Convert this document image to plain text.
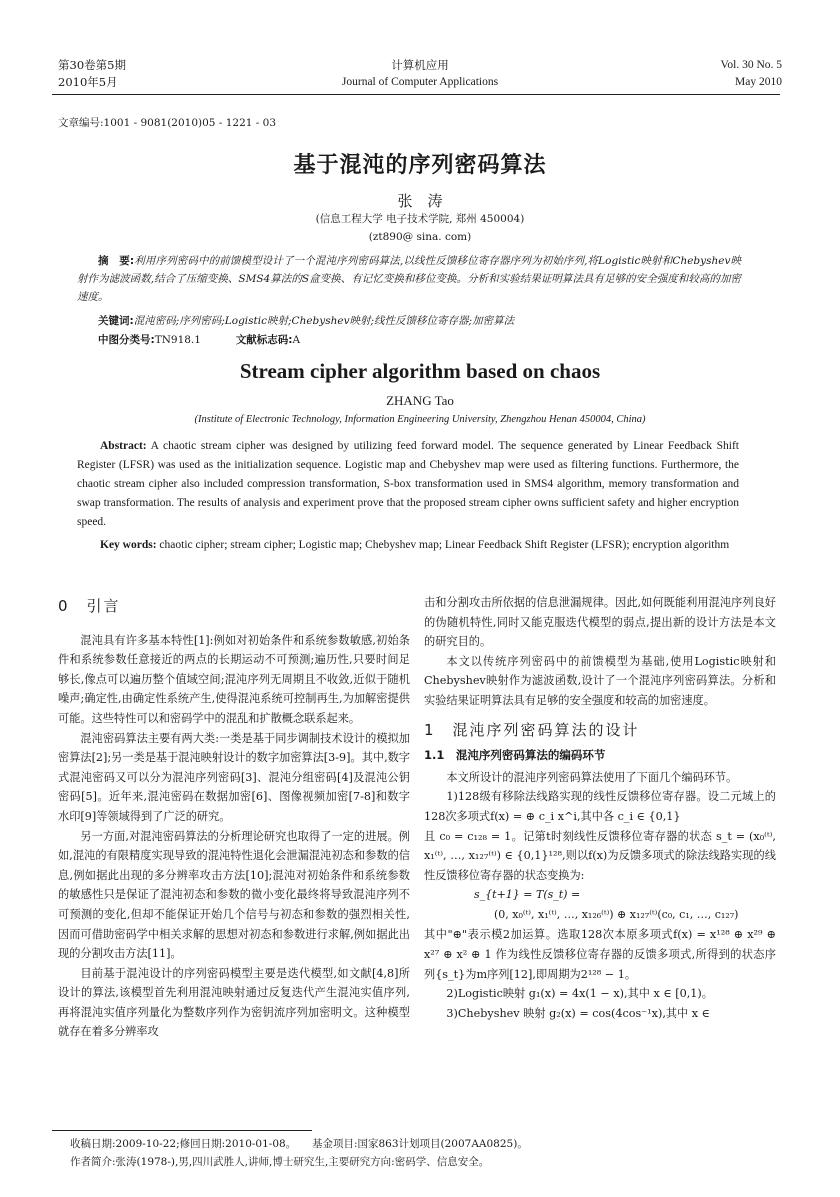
第30卷第5期
2010年5月
计算机应用
Journal of Computer Applications
Vol. 30 No. 5
May 2010
文章编号:1001 - 9081(2010)05 - 1221 - 03
基于混沌的序列密码算法
张　涛
(信息工程大学 电子技术学院, 郑州 450004)
(zt890@ sina. com)
摘　要:利用序列密码中的前馈模型设计了一个混沌序列密码算法,以线性反馈移位寄存器序列为初始序列,将Logistic映射和Chebyshev映射作为滤波函数,结合了压缩变换、SMS4算法的S盒变换、有记忆变换和移位变换。分析和实验结果证明算法具有足够的安全强度和较高的加密速度。
关键词:混沌密码;序列密码;Logistic映射;Chebyshev映射;线性反馈移位寄存器;加密算法
中图分类号:TN918.1	文献标志码:A
Stream cipher algorithm based on chaos
ZHANG Tao
(Institute of Electronic Technology, Information Engineering University, Zhengzhou Henan 450004, China)
Abstract: A chaotic stream cipher was designed by utilizing feed forward model. The sequence generated by Linear Feedback Shift Register (LFSR) was used as the initialization sequence. Logistic map and Chebyshev map were used as filtering functions. Furthermore, the chaotic stream cipher also included compression transformation, S-box transformation used in SMS4 algorithm, memory transformation and swap transformation. The results of analysis and experiment prove that the proposed stream cipher owns sufficient safety and higher encryption speed.
Key words: chaotic cipher; stream cipher; Logistic map; Chebyshev map; Linear Feedback Shift Register (LFSR); encryption algorithm
0　引言

混沌具有许多基本特性[1]:例如对初始条件和系统参数敏感,初始条件和系统参数任意接近的两点的长期运动不可预测;遍历性,只要时间足够长,像点可以遍历整个值域空间;混沌序列无周期且不收敛,近似于随机噪声;确定性,由确定性系统产生,使得混沌系统可控制再生,为加解密提供可能。这些特性可以和密码学中的混乱和扩散概念联系起来。

混沌密码算法主要有两大类:一类是基于同步调制技术设计的模拟加密算法[2];另一类是基于混沌映射设计的数字加密算法[3-9]。其中,数字式混沌密码又可以分为混沌序列密码[3]、混沌分组密码[4]及混沌公钥密码[5]。近年来,混沌密码在数据加密[6]、图像视频加密[7-8]和数字水印[9]等领域得到了广泛的研究。

另一方面,对混沌密码算法的分析理论研究也取得了一定的进展。例如,混沌的有限精度实现导致的混沌特性退化会泄漏混沌初态和参数的信息,例如据此出现的多分辨率攻击方法[10];混沌对初始条件和系统参数的敏感性只是保证了混沌初态和参数的微小变化最终将导致混沌序列不可预测的变化,但却不能保证开始几个信号与初态和参数的强烈相关性,因而可借助密码学中相关求解的思想对初态和参数进行求解,例如据此出现的分割攻击方法[11]。

目前基于混沌设计的序列密码模型主要是迭代模型,如文献[4,8]所设计的算法,该模型首先利用混沌映射通过反复迭代产生混沌实值序列,再将混沌实值序列量化为整数序列作为密钥流序列加密明文。这种模型就存在着多分辨率攻

击和分割攻击所依据的信息泄漏规律。因此,如何既能利用混沌序列良好的伪随机特性,同时又能克服迭代模型的弱点,提出新的设计方法是本文的研究目的。

本文以传统序列密码中的前馈模型为基础,使用Logistic映射和Chebyshev映射作为滤波函数,设计了一个混沌序列密码算法。分析和实验结果证明算法具有足够的安全强度和较高的加密速度。

1　混沌序列密码算法的设计
1.1　混沌序列密码算法的编码环节

本文所设计的混沌序列密码算法使用了下面几个编码环节。

1)128级有移除法线路实现的线性反馈移位寄存器。设二元域上的128次多项式f(x) = ⊕ c_i x^i,其中各 c_i ∈ {0,1}

且 c₀ = c₁₂₈ = 1。记第t时刻线性反馈移位寄存器的状态 s_t = (x₀⁽ᵗ⁾, x₁⁽ᵗ⁾, …, x₁₂₇⁽ᵗ⁾) ∈ {0,1}¹²⁸,则以f(x)为反馈多项式的除法线路实现的线性反馈移位寄存器的状态变换为:

s_{t+1} = T(s_t) =
(0, x₀⁽ᵗ⁾, x₁⁽ᵗ⁾, …, x₁₂₆⁽ᵗ⁾) ⊕ x₁₂₇⁽ᵗ⁾(c₀, c₁, …, c₁₂₇)

其中"⊕"表示模2加运算。选取128次本原多项式f(x) = x¹²⁸ ⊕ x²⁹ ⊕ x²⁷ ⊕ x² ⊕ 1 作为线性反馈移位寄存器的反馈多项式,所得到的状态序列{s_t}为m序列[12],即周期为2¹²⁸ − 1。

2)Logistic映射 g₁(x) = 4x(1 − x),其中 x ∈ [0,1)。

3)Chebyshev 映射 g₂(x) = cos(4cos⁻¹x),其中 x ∈

收稿日期:2009-10-22;修回日期:2010-01-08。　　基金项目:国家863计划项目(2007AA0825)。
作者简介:张涛(1978-),男,四川武胜人,讲师,博士研究生,主要研究方向:密码学、信息安全。
